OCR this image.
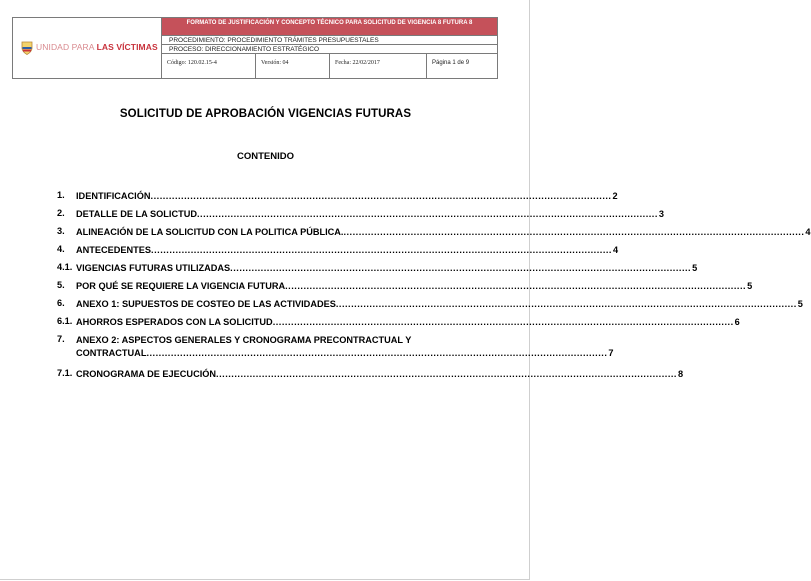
UNIDAD PARA LAS VÍCTIMAS
FORMATO DE JUSTIFICACIÓN Y CONCEPTO TÉCNICO PARA SOLICITUD DE VIGENCIA 8 FUTURA 8
PROCEDIMIENTO: PROCEDIMIENTO TRÁMITES PRESUPUESTALES
PROCESO: DIRECCIONAMIENTO ESTRATÉGICO
Código: 120.02.15-4	Versión: 04	Fecha: 22/02/2017	Página 1 de 9
SOLICITUD DE APROBACIÓN VIGENCIAS FUTURAS
CONTENIDO
1. IDENTIFICACIÓN ....................................................................................................................................................... 2
2. DETALLE DE LA SOLICTUD ....................................................................................................................................................... 3
3. ALINEACIÓN DE LA SOLICITUD CON LA POLITICA PÚBLICA. ....................................................................................................................................................... 4
4. ANTECEDENTES ....................................................................................................................................................... 4
4.1. VIGENCIAS FUTURAS UTILIZADAS ....................................................................................................................................................... 5
5. POR QUÉ SE REQUIERE LA VIGENCIA FUTURA ....................................................................................................................................................... 5
6. ANEXO 1: SUPUESTOS DE COSTEO DE LAS ACTIVIDADES ....................................................................................................................................................... 5
6.1. AHORROS ESPERADOS CON LA SOLICITUD ....................................................................................................................................................... 6
7. ANEXO 2: ASPECTOS GENERALES Y CRONOGRAMA PRECONTRACTUAL Y
CONTRACTUAL ....................................................................................................................................................... 7
7.1. CRONOGRAMA DE EJECUCIÓN ....................................................................................................................................................... 8
